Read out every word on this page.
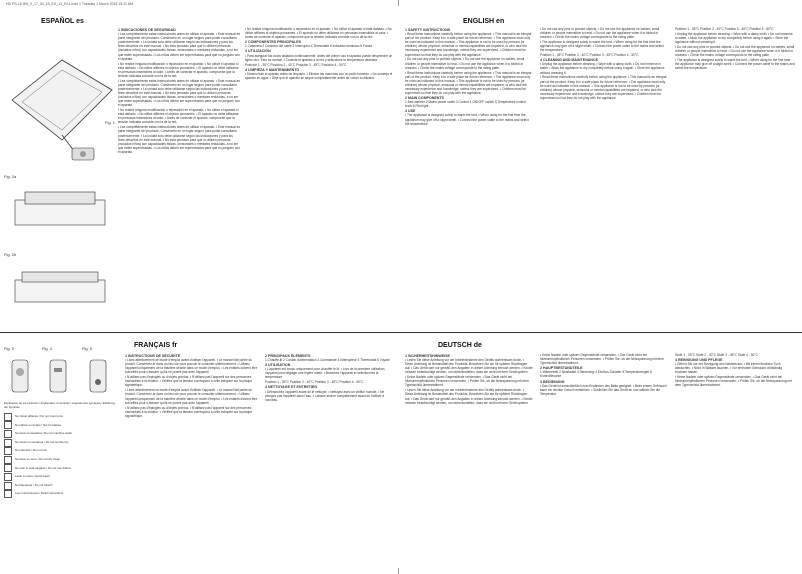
HD PS-15 HM_0_17_04_15_ES_13_R14.indd 1 Tuesday 1 March 2016 15:11 AM
ESPAÑOL es	ENGLISH en
Fig. 2a
Fig. 2b
Fig. 1
1 INDICACIONES DE SEGURIDAD

• Lea completamente estas instrucciones antes de utilizar el aparato. • Este manual es parte integrante del producto. Consérvelo en un lugar seguro para poder consultarlo posteriormente. • La unidad solo debe utilizarse según las indicaciones y para los fines descritos en este manual. • No está pensado para que lo utilicen personas (incluidos niños) con capacidades físicas, sensoriales o mentales reducidas, a no ser que estén supervisadas. • Los niños deben ser supervisados para que no jueguen con el aparato.

• No realice ninguna modificación o reparación en el aparato. • No utilice el aparato si está dañado. • No utilice alfileres ni objetos punzantes. • El aparato no debe utilizarse en personas insensibles al calor. • Antes de conectar el aparato, compruebe que la tensión indicada coincide con la de la red.

• Lea completamente estas instrucciones antes de utilizar el aparato. • Este manual es parte integrante del producto. Consérvelo en un lugar seguro para poder consultarlo posteriormente. • La unidad solo debe utilizarse según las indicaciones y para los fines descritos en este manual. • No está pensado para que lo utilicen personas (incluidos niños) con capacidades físicas, sensoriales o mentales reducidas, a no ser que estén supervisadas. • Los niños deben ser supervisados para que no jueguen con el aparato.

• No realice ninguna modificación o reparación en el aparato. • No utilice el aparato si está dañado. • No utilice alfileres ni objetos punzantes. • El aparato no debe utilizarse en personas insensibles al calor. • Antes de conectar el aparato, compruebe que la tensión indicada coincide con la de la red.

• Lea completamente estas instrucciones antes de utilizar el aparato. • Este manual es parte integrante del producto. Consérvelo en un lugar seguro para poder consultarlo posteriormente. • La unidad solo debe utilizarse según las indicaciones y para los fines descritos en este manual. • No está pensado para que lo utilicen personas (incluidos niños) con capacidades físicas, sensoriales o mentales reducidas, a no ser que estén supervisadas. • Los niños deben ser supervisados para que no jueguen con el aparato.

• No realice ninguna modificación o reparación en el aparato. • No utilice el aparato si está dañado. • No utilice alfileres ni objetos punzantes. • El aparato no debe utilizarse en personas insensibles al calor. • Antes de conectar el aparato, compruebe que la tensión indicada coincide con la de la red.

2 COMPONENTES PRINCIPALES

1 Cabecera 2 Conector del cable 3 Interruptor 4 Termostato 5 Indicador luminoso 6 Funda

3 UTILIZACIÓN

• Para asegurar los ciclos aislados continuamente, antes del primer uso el aparato puede desprender un ligero olor. Esto es normal. • Conecte el aparato a la red y seleccione la temperatura deseada.

Posición 1 - 35°C Posición 2 - 40°C Posición 3 - 45°C Posición 4 - 50°C

4 LIMPIEZA Y MANTENIMIENTO

• Desenchufe el aparato antes de limpiarlo. • Elimine las manchas con un paño húmedo. • No sumerja el aparato en agua. • Deje que el aparato se seque completamente antes de volver a utilizarlo.

1 SAFETY INSTRUCTIONS

• Read these instructions carefully before using the appliance. • This manual is an integral part of the product. Keep it in a safe place for future reference. • The appliance must only be used as indicated in this manual. • This appliance is not to be used by persons (or children) whose physical, sensorial or mental capabilities are impaired, or who lack the necessary experience and knowledge, unless they are supervised. • Children must be supervised so that they do not play with the appliance.

• Do not use any pins or pointed objects. • Do not use the appliance on babies, small children or people insensitive to heat. • Do not use the appliance when it is folded or creased. • Check the mains voltage corresponds to the rating plate.

• Read these instructions carefully before using the appliance. • This manual is an integral part of the product. Keep it in a safe place for future reference. • The appliance must only be used as indicated in this manual. • This appliance is not to be used by persons (or children) whose physical, sensorial or mental capabilities are impaired, or who lack the necessary experience and knowledge, unless they are supervised. • Children must be supervised so that they do not play with the appliance.

2 MAIN COMPONENTS

1 Bed warmer 2 Mains power cable 3 Control 4 ON/OFF switch 5 Temperature control knob 6 Pilot light

3 USE

• The appliance is designed solely to warm the bed. • When using for the first time the appliance may give off a slight smell. • Connect the power cable to the mains and select the temperature.

• Do not use any pins or pointed objects. • Do not use the appliance on babies, small children or people insensitive to heat. • Do not use the appliance when it is folded or creased. • Check the mains voltage corresponds to the rating plate.

• The appliance is designed solely to warm the bed. • When using for the first time the appliance may give off a slight smell. • Connect the power cable to the mains and select the temperature.

Position 1 - 35°C Position 2 - 40°C Position 3 - 45°C Position 4 - 50°C

4 CLEANING AND MAINTENANCE

• Unplug the appliance before cleaning. • Wipe with a damp cloth. • Do not immerse in water. • Allow the appliance to dry completely before using it again. • Store the appliance without creasing it.

• Read these instructions carefully before using the appliance. • This manual is an integral part of the product. Keep it in a safe place for future reference. • The appliance must only be used as indicated in this manual. • This appliance is not to be used by persons (or children) whose physical, sensorial or mental capabilities are impaired, or who lack the necessary experience and knowledge, unless they are supervised. • Children must be supervised so that they do not play with the appliance.

Position 1 - 35°C Position 2 - 40°C Position 3 - 45°C Position 4 - 50°C

• Unplug the appliance before cleaning. • Wipe with a damp cloth. • Do not immerse in water. • Allow the appliance to dry completely before using it again. • Store the appliance without creasing it.

• Do not use any pins or pointed objects. • Do not use the appliance on babies, small children or people insensitive to heat. • Do not use the appliance when it is folded or creased. • Check the mains voltage corresponds to the rating plate.

• The appliance is designed solely to warm the bed. • When using for the first time the appliance may give off a slight smell. • Connect the power cable to the mains and select the temperature.

FRANÇAIS fr	DEUTSCH de
Fig. 3	Fig. 4	Fig. 5
Explicación de los símbolos / Explanation of symbols / Légende des symboles / Erklärung der Symbole
No clavar alfileres / Do not insert pins
No utilizar en bebés / Not for babies
No lavar en lavadora / Do not machine wash
No secar en secadora / Do not tumble dry
No planchar / Do not iron
No lavar en seco / Do not dry clean
No usar si está plegado / Do not use folded
Lavar a mano / Hand wash
No blanquear / Do not bleach
Leer instrucciones / Read instructions
1 INSTRUCTIONS DE SÉCURITÉ

• Lisez attentivement ce mode d'emploi avant d'utiliser l'appareil. • Le manuel fait partie du produit. Conservez-le dans un lieu sûr pour pouvoir le consulter ultérieurement. • Utilisez l'appareil uniquement de la manière décrite dans ce mode d'emploi. • Les enfants doivent être surveillés pour s'assurer qu'ils ne jouent pas avec l'appareil.

• N'utilisez pas d'épingles ou d'objets pointus. • N'utilisez pas l'appareil sur des personnes insensibles à la chaleur. • Vérifiez que la tension correspond à celle indiquée sur la plaque signalétique.

• Lisez attentivement ce mode d'emploi avant d'utiliser l'appareil. • Le manuel fait partie du produit. Conservez-le dans un lieu sûr pour pouvoir le consulter ultérieurement. • Utilisez l'appareil uniquement de la manière décrite dans ce mode d'emploi. • Les enfants doivent être surveillés pour s'assurer qu'ils ne jouent pas avec l'appareil.

• N'utilisez pas d'épingles ou d'objets pointus. • N'utilisez pas l'appareil sur des personnes insensibles à la chaleur. • Vérifiez que la tension correspond à celle indiquée sur la plaque signalétique.

2 PRINCIPAUX ÉLÉMENTS

1 Chauffe-lit 2 Cordon d'alimentation 3 Commande 4 Interrupteur 5 Thermostat 6 Voyant

3 UTILISATION

• L'appareil est conçu uniquement pour chauffer le lit. • Lors de la première utilisation, l'appareil peut dégager une légère odeur. • Branchez l'appareil et sélectionnez la température.

Position 1 - 35°C Position 2 - 40°C Position 3 - 45°C Position 4 - 50°C

4 NETTOYAGE ET ENTRETIEN

• Débranchez l'appareil avant de le nettoyer. • Nettoyez avec un chiffon humide. • Ne plongez pas l'appareil dans l'eau. • Laissez sécher complètement avant de l'utiliser à nouveau.

1 SICHERHEITSHINWEISE

• Lesen Sie diese Anleitung vor der Inbetriebnahme des Geräts aufmerksam durch. • Diese Anleitung ist Bestandteil des Produkts. Bewahren Sie sie für spätere Rückfragen auf. • Das Gerät darf nur gemäß den Angaben in dieser Anleitung benutzt werden. • Kinder müssen beaufsichtigt werden, um sicherzustellen, dass sie nicht mit dem Gerät spielen.

• Keine Nadeln oder spitzen Gegenstände verwenden. • Das Gerät nicht bei hitzeunempfindlichen Personen verwenden. • Prüfen Sie, ob die Netzspannung mit dem Typenschild übereinstimmt.

• Lesen Sie diese Anleitung vor der Inbetriebnahme des Geräts aufmerksam durch. • Diese Anleitung ist Bestandteil des Produkts. Bewahren Sie sie für spätere Rückfragen auf. • Das Gerät darf nur gemäß den Angaben in dieser Anleitung benutzt werden. • Kinder müssen beaufsichtigt werden, um sicherzustellen, dass sie nicht mit dem Gerät spielen.

• Keine Nadeln oder spitzen Gegenstände verwenden. • Das Gerät nicht bei hitzeunempfindlichen Personen verwenden. • Prüfen Sie, ob die Netzspannung mit dem Typenschild übereinstimmt.

2 HAUPTBESTANDTEILE

1 Wärmebett 2 Netzkabel 3 Steuerung 4 Ein/Aus-Schalter 5 Temperaturregler 6 Kontrollleuchte

3 BEDIENUNG

• Das Gerät ist ausschließlich zum Erwärmen des Betts geeignet. • Beim ersten Gebrauch kann ein leichter Geruch entstehen. • Schließen Sie das Gerät an und wählen Sie die Temperatur.

Stufe 1 - 35°C Stufe 2 - 40°C Stufe 3 - 45°C Stufe 4 - 50°C

4 REINIGUNG UND PFLEGE

• Ziehen Sie vor der Reinigung den Netzstecker. • Mit einem feuchten Tuch abwischen. • Nicht in Wasser tauchen. • Vor erneutem Gebrauch vollständig trocknen lassen.

• Keine Nadeln oder spitzen Gegenstände verwenden. • Das Gerät nicht bei hitzeunempfindlichen Personen verwenden. • Prüfen Sie, ob die Netzspannung mit dem Typenschild übereinstimmt.
